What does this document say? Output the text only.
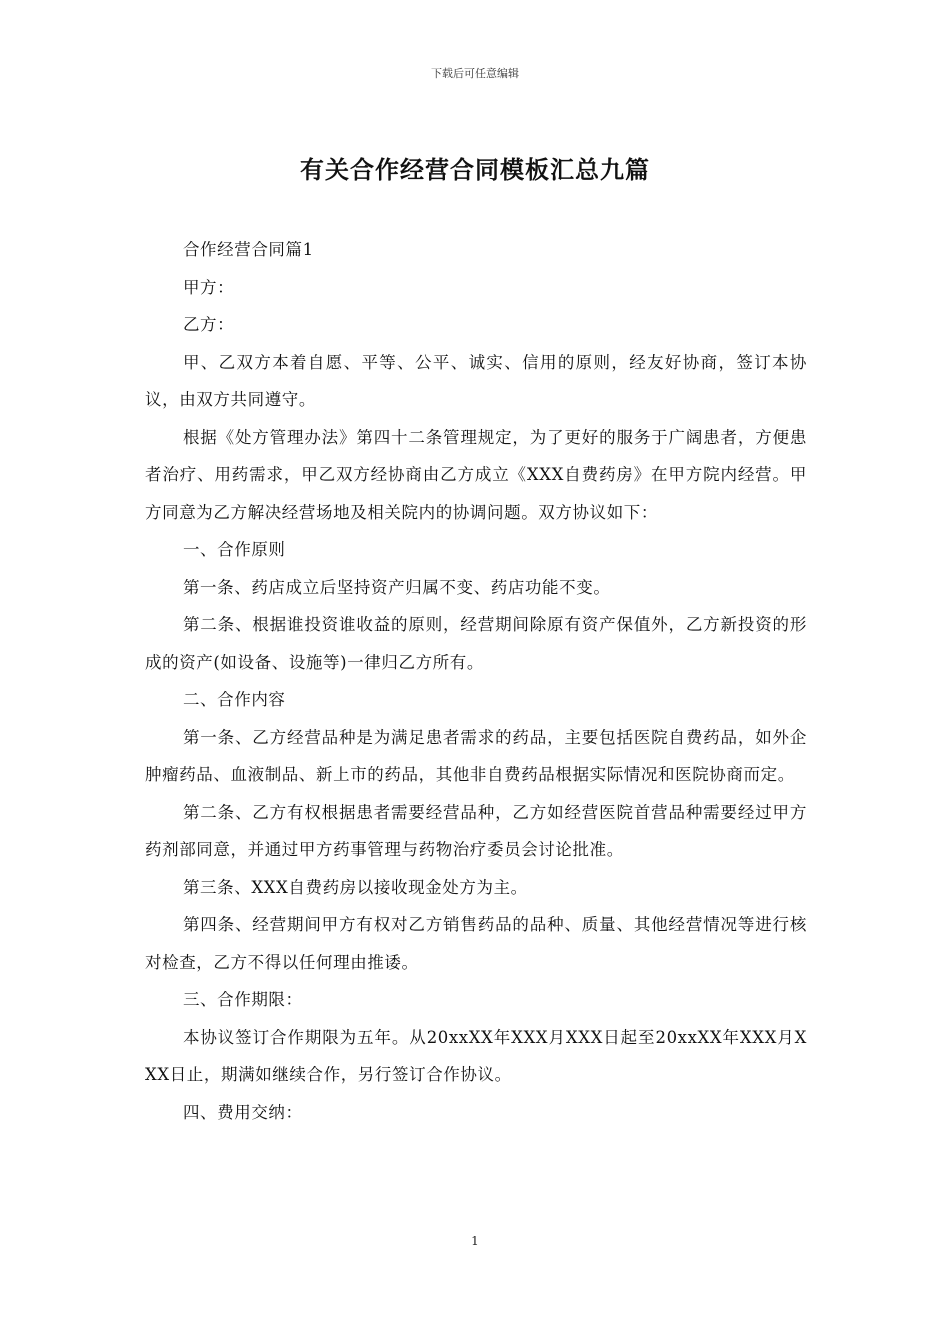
下载后可任意编辑
有关合作经营合同模板汇总九篇

合作经营合同篇1

甲方：

乙方：

甲、乙双方本着自愿、平等、公平、诚实、信用的原则，经友好协商，签订本协议，由双方共同遵守。

根据《处方管理办法》第四十二条管理规定，为了更好的服务于广阔患者，方便患者治疗、用药需求，甲乙双方经协商由乙方成立《XXX自费药房》在甲方院内经营。甲方同意为乙方解决经营场地及相关院内的协调问题。双方协议如下：

一、合作原则

第一条、药店成立后坚持资产归属不变、药店功能不变。

第二条、根据谁投资谁收益的原则，经营期间除原有资产保值外，乙方新投资的形成的资产(如设备、设施等)一律归乙方所有。

二、合作内容

第一条、乙方经营品种是为满足患者需求的药品，主要包括医院自费药品，如外企肿瘤药品、血液制品、新上市的药品，其他非自费药品根据实际情况和医院协商而定。

第二条、乙方有权根据患者需要经营品种，乙方如经营医院首营品种需要经过甲方药剂部同意，并通过甲方药事管理与药物治疗委员会讨论批准。

第三条、XXX自费药房以接收现金处方为主。

第四条、经营期间甲方有权对乙方销售药品的品种、质量、其他经营情况等进行核对检查，乙方不得以任何理由推诿。

三、合作期限：

本协议签订合作期限为五年。从20xxXX年XXX月XXX日起至20xxXX年XXX月XXX日止，期满如继续合作，另行签订合作协议。

四、费用交纳：

1
